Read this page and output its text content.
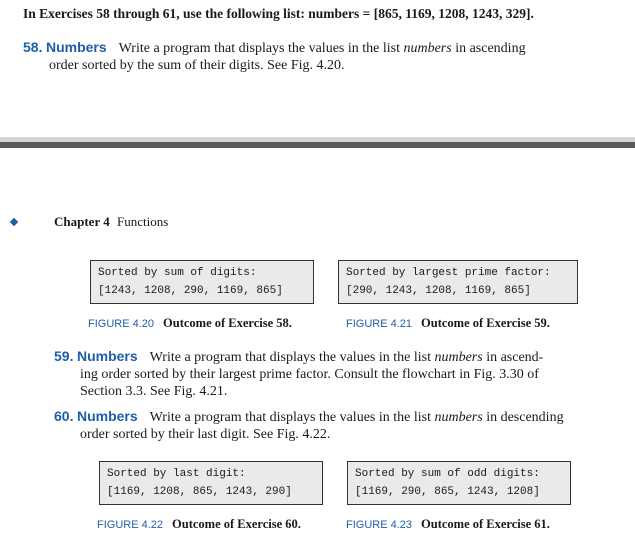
In Exercises 58 through 61, use the following list: numbers = [865, 1169, 1208, 1243, 329].
58. Numbers Write a program that displays the values in the list numbers in ascending
order sorted by the sum of their digits. See Fig. 4.20.
Chapter 4 Functions
Sorted by sum of digits:
[1243, 1208, 290, 1169, 865]
FIGURE 4.20 Outcome of Exercise 58.
Sorted by largest prime factor:
[290, 1243, 1208, 1169, 865]
FIGURE 4.21 Outcome of Exercise 59.
59. Numbers Write a program that displays the values in the list numbers in ascend-
ing order sorted by their largest prime factor. Consult the flowchart in Fig. 3.30 of
Section 3.3. See Fig. 4.21.
60. Numbers Write a program that displays the values in the list numbers in descending
order sorted by their last digit. See Fig. 4.22.
Sorted by last digit:
[1169, 1208, 865, 1243, 290]
FIGURE 4.22 Outcome of Exercise 60.
Sorted by sum of odd digits:
[1169, 290, 865, 1243, 1208]
FIGURE 4.23 Outcome of Exercise 61.
